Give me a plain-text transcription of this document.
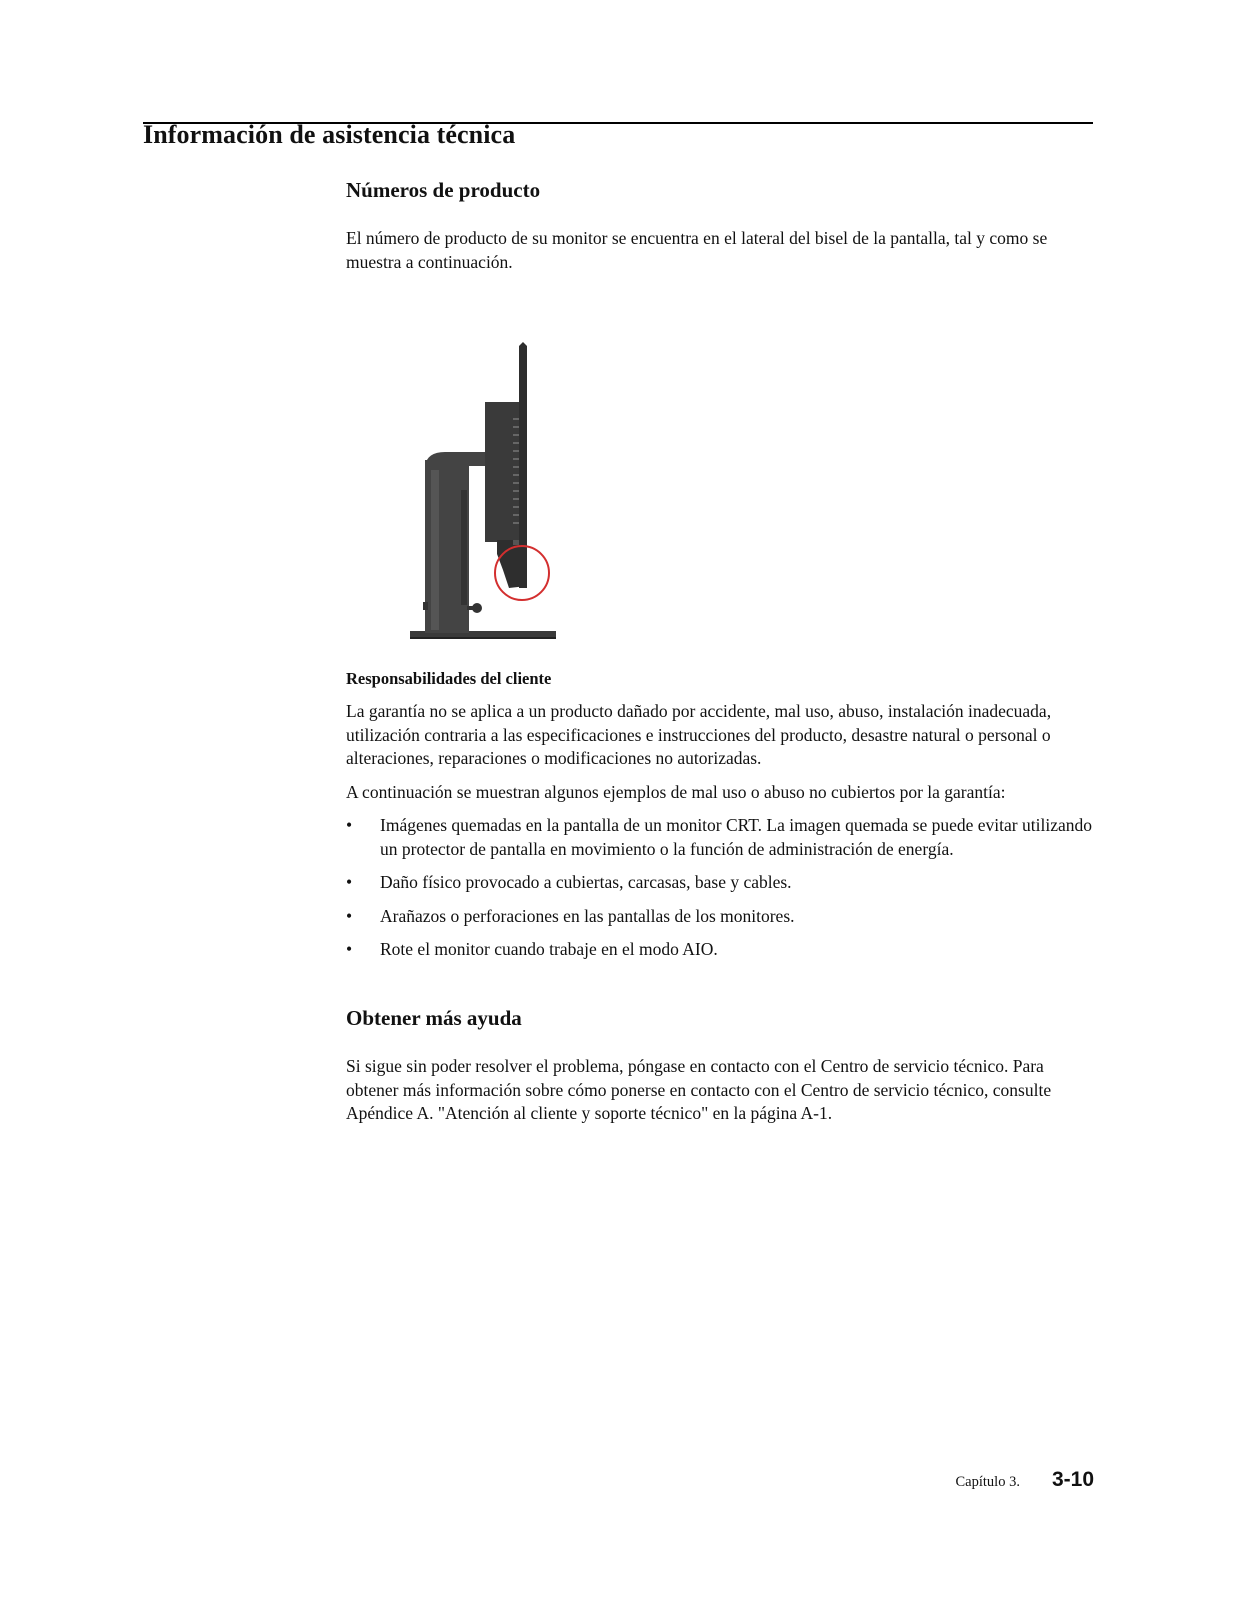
Información de asistencia técnica
Números de producto

El número de producto de su monitor se encuentra en el lateral del bisel de la pantalla, tal y como se muestra a continuación.

Responsabilidades del cliente

La garantía no se aplica a un producto dañado por accidente, mal uso, abuso, instalación inadecuada, utilización contraria a las especificaciones e instrucciones del producto, desastre natural o personal o alteraciones, reparaciones o modificaciones no autorizadas.

A continuación se muestran algunos ejemplos de mal uso o abuso no cubiertos por la garantía:

• Imágenes quemadas en la pantalla de un monitor CRT. La imagen quemada se puede evitar utilizando un protector de pantalla en movimiento o la función de administración de energía.
• Daño físico provocado a cubiertas, carcasas, base y cables.
• Arañazos o perforaciones en las pantallas de los monitores.
• Rote el monitor cuando trabaje en el modo AIO.
Obtener más ayuda

Si sigue sin poder resolver el problema, póngase en contacto con el Centro de servicio técnico. Para obtener más información sobre cómo ponerse en contacto con el Centro de servicio técnico, consulte Apéndice A. "Atención al cliente y soporte técnico" en la página A-1.

Capítulo 3. 3-10
